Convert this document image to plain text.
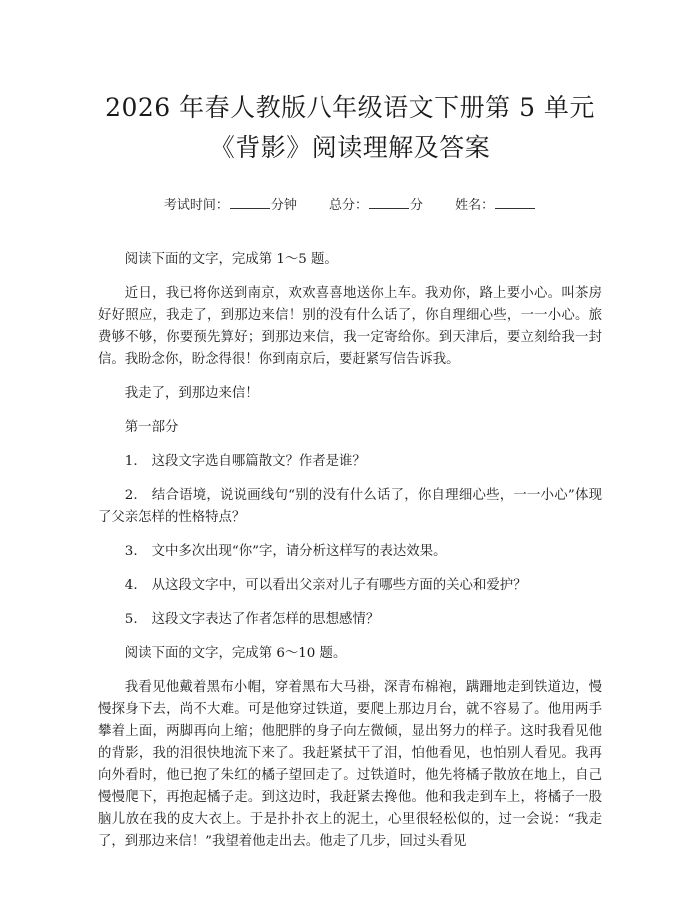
2026 年春人教版八年级语文下册第 5 单元
《背影》阅读理解及答案
考试时间：	分钟 总分：	分 姓名：

阅读下面的文字，完成第 1～5 题。

近日，我已将你送到南京，欢欢喜喜地送你上车。我劝你，路上要小心。叫茶房好好照应，我走了，到那边来信！别的没有什么话了，你自理细心些，一一小心。旅费够不够，你要预先算好；到那边来信，我一定寄给你。到天津后，要立刻给我一封信。我盼念你，盼念得很！你到南京后，要赶紧写信告诉我。

我走了，到那边来信！

第一部分

1. 这段文字选自哪篇散文？作者是谁？

2. 结合语境，说说画线句“别的没有什么话了，你自理细心些，一一小心”体现了父亲怎样的性格特点？

3. 文中多次出现“你”字，请分析这样写的表达效果。

4. 从这段文字中，可以看出父亲对儿子有哪些方面的关心和爱护？

5. 这段文字表达了作者怎样的思想感情？

阅读下面的文字，完成第 6～10 题。

我看见他戴着黑布小帽，穿着黑布大马褂，深青布棉袍，蹒跚地走到铁道边，慢慢探身下去，尚不大难。可是他穿过铁道，要爬上那边月台，就不容易了。他用两手攀着上面，两脚再向上缩；他肥胖的身子向左微倾，显出努力的样子。这时我看见他的背影，我的泪很快地流下来了。我赶紧拭干了泪，怕他看见，也怕别人看见。我再向外看时，他已抱了朱红的橘子望回走了。过铁道时，他先将橘子散放在地上，自己慢慢爬下，再抱起橘子走。到这边时，我赶紧去搀他。他和我走到车上，将橘子一股脑儿放在我的皮大衣上。于是扑扑衣上的泥土，心里很轻松似的，过一会说：“我走了，到那边来信！”我望着他走出去。他走了几步，回过头看见
